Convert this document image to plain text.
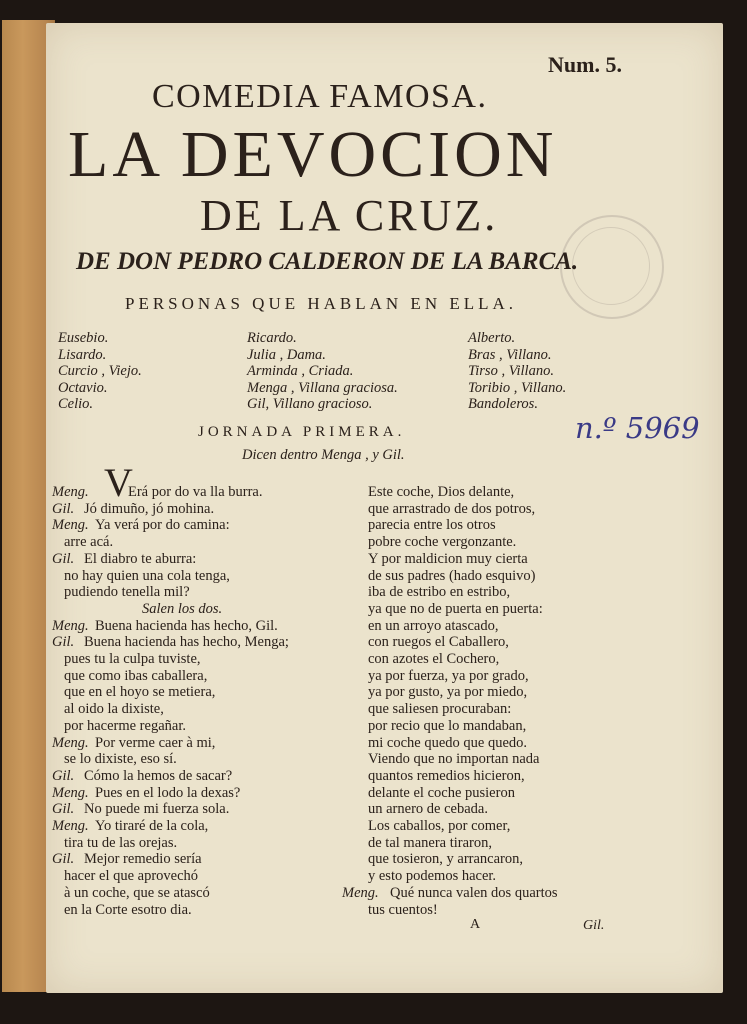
Num. 5.
COMEDIA FAMOSA.
LA DEVOCION
DE LA CRUZ.
DE DON PEDRO CALDERON DE LA BARCA.
PERSONAS QUE HABLAN EN ELLA.
Eusebio.
Lisardo.
Curcio , Viejo.
Octavio.
Celio.
Ricardo.
Julia , Dama.
Arminda , Criada.
Menga , Villana graciosa.
Gil, Villano gracioso.
Alberto.
Bras , Villano.
Tirso , Villano.
Toribio , Villano.
Bandoleros.
JORNADA PRIMERA.
Dicen dentro Menga , y Gil.
n.º 5969
V
Meng.	Erá por do va lla burra.
Gil. Jó dimuño, jó mohina.
Meng. Ya verá por do camina:
arre acá.
Gil. El diabro te aburra:
no hay quien una cola tenga,
pudiendo tenella mil?
Salen los dos.
Meng. Buena hacienda has hecho, Gil.
Gil. Buena hacienda has hecho, Menga;
pues tu la culpa tuviste,
que como ibas caballera,
que en el hoyo se metiera,
al oido la dixiste,
por hacerme regañar.
Meng. Por verme caer à mi,
se lo dixiste, eso sí.
Gil. Cómo la hemos de sacar?
Meng. Pues en el lodo la dexas?
Gil. No puede mi fuerza sola.
Meng. Yo tiraré de la cola,
tira tu de las orejas.
Gil. Mejor remedio sería
hacer el que aprovechó
à un coche, que se atascó
en la Corte esotro dia.
Este coche, Dios delante,
que arrastrado de dos potros,
parecia entre los otros
pobre coche vergonzante.
Y por maldicion muy cierta
de sus padres (hado esquivo)
iba de estribo en estribo,
ya que no de puerta en puerta:
en un arroyo atascado,
con ruegos el Caballero,
con azotes el Cochero,
ya por fuerza, ya por grado,
ya por gusto, ya por miedo,
que saliesen procuraban:
por recio que lo mandaban,
mi coche quedo que quedo.
Viendo que no importan nada
quantos remedios hicieron,
delante el coche pusieron
un arnero de cebada.
Los caballos, por comer,
de tal manera tiraron,
que tosieron, y arrancaron,
y esto podemos hacer.
Meng. Qué nunca valen dos quartos
tus cuentos!
A	Gil.
